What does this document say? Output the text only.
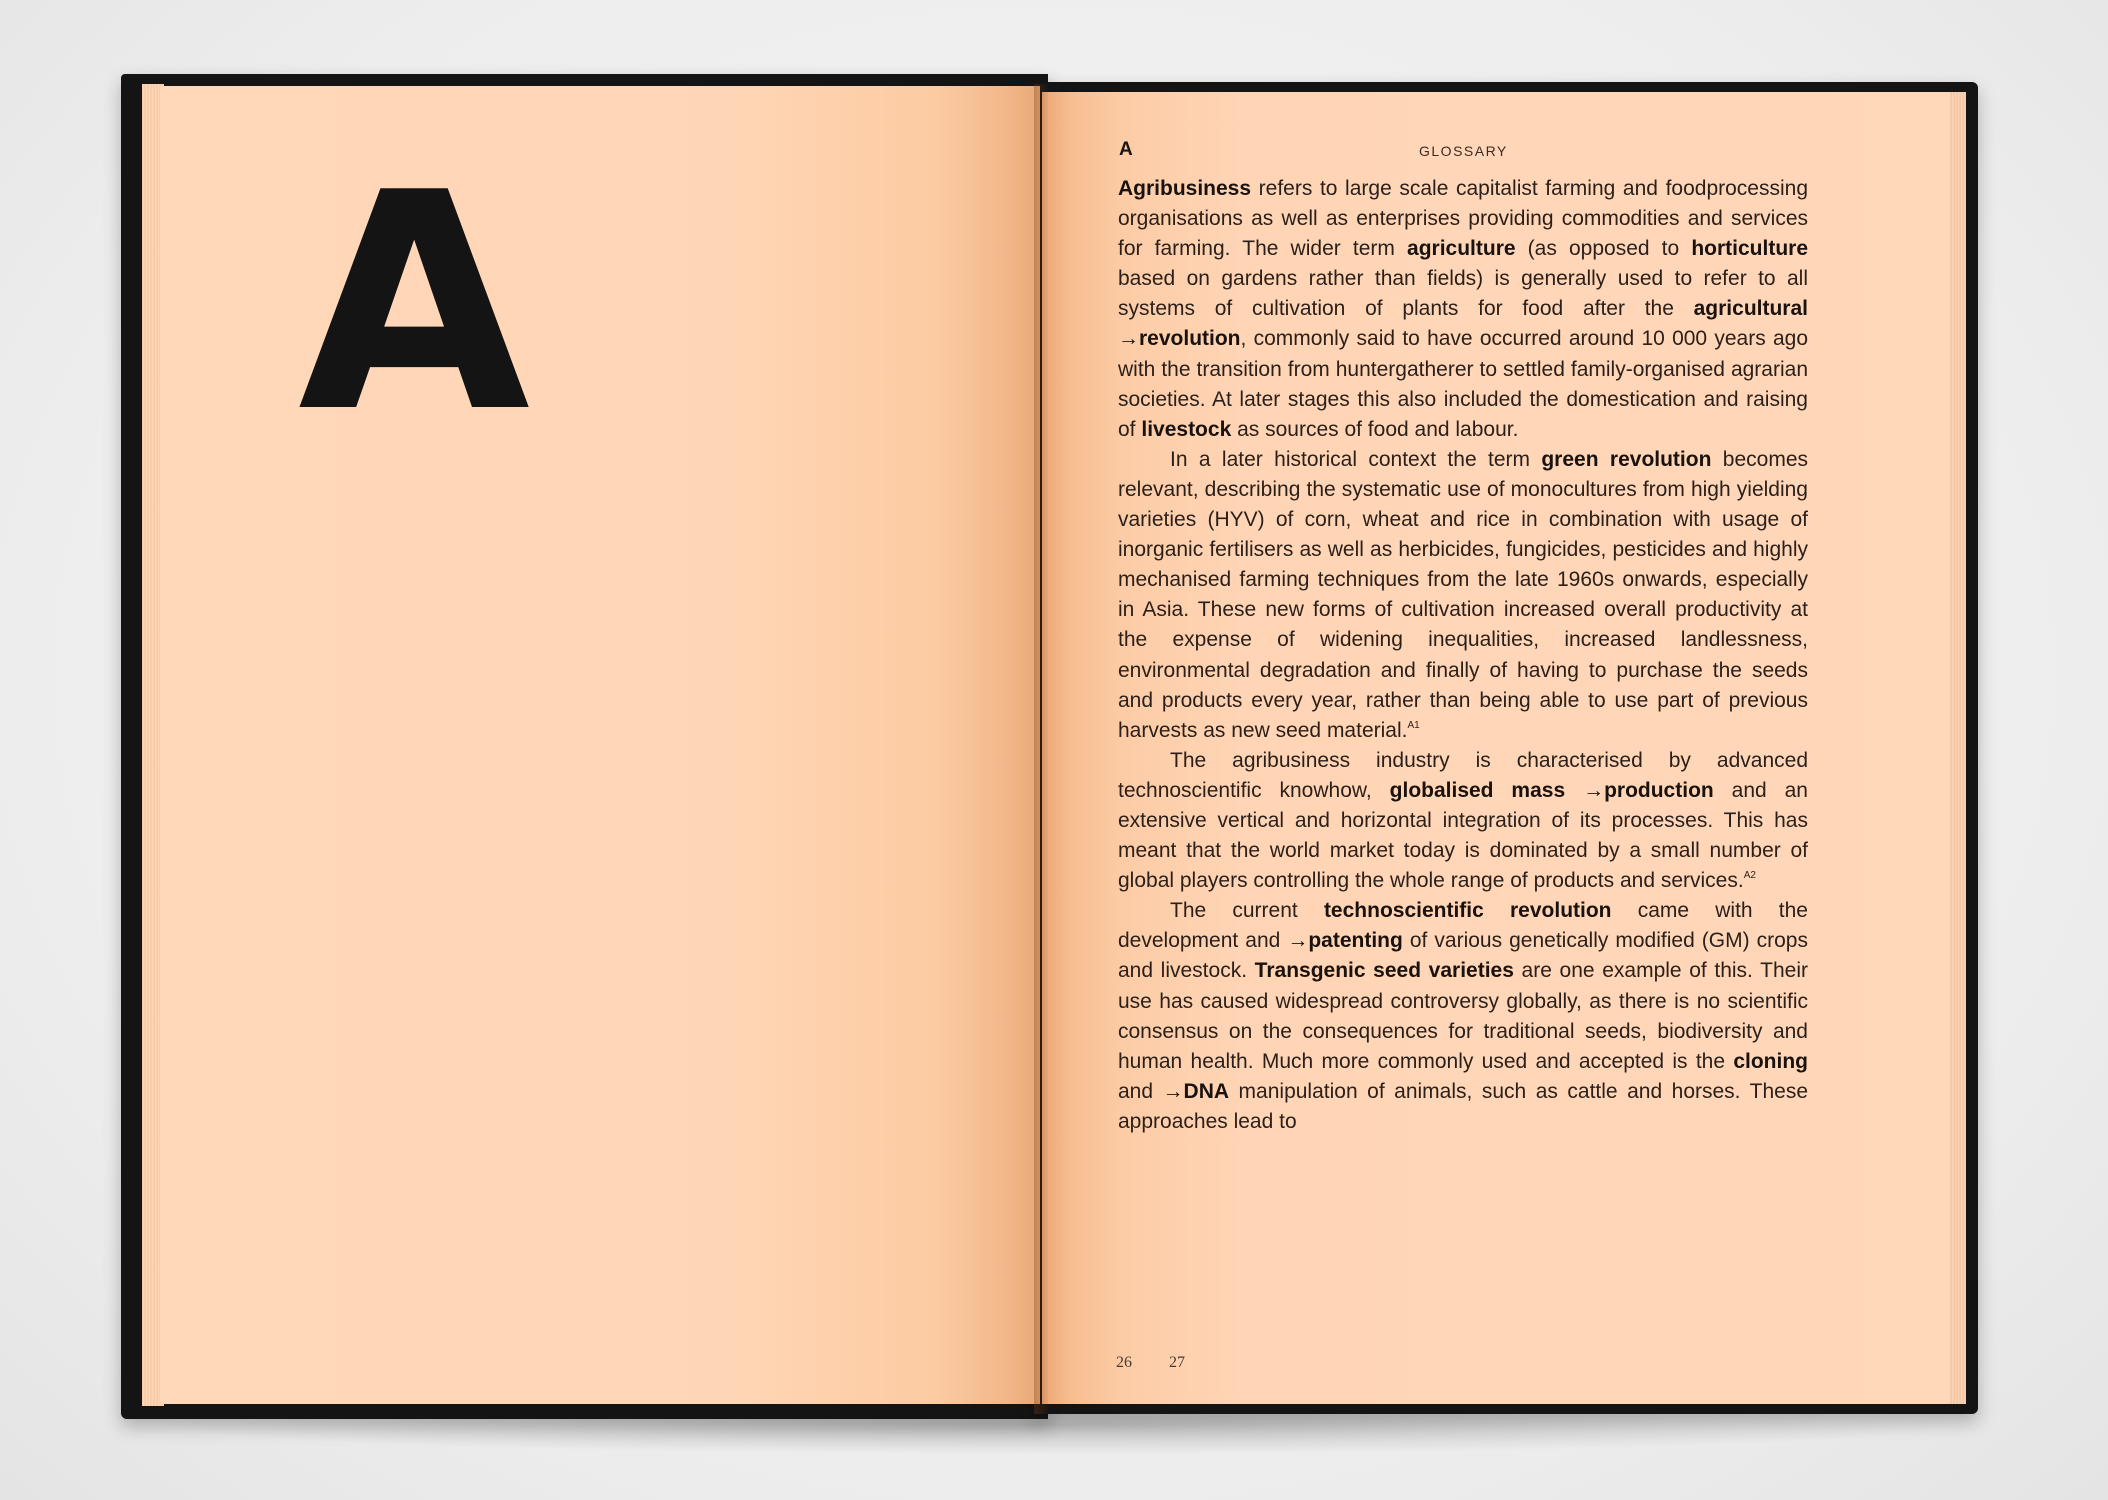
A	A	GLOSSARY

Agribusiness refers to large scale capitalist farming and foodprocessing organisations as well as enterprises providing commodities and services for farming. The wider term agriculture (as opposed to horticulture based on gardens rather than fields) is generally used to refer to all systems of cultivation of plants for food after the agricultural →revolution, commonly said to have occurred around 10 000 years ago with the transition from huntergatherer to settled family-organised agrarian societies. At later stages this also included the domestication and raising of livestock as sources of food and labour.

In a later historical context the term green revolution becomes relevant, describing the systematic use of monocultures from high yielding varieties (HYV) of corn, wheat and rice in combination with usage of inorganic fertilisers as well as herbicides, fungicides, pesticides and highly mechanised farming techniques from the late 1960s onwards, especially in Asia. These new forms of cultivation increased overall productivity at the expense of widening inequalities, increased landlessness, environmental degradation and finally of having to purchase the seeds and products every year, rather than being able to use part of previous harvests as new seed material.$^{A1}$

The agribusiness industry is characterised by advanced technoscientific knowhow, globalised mass →production and an extensive vertical and horizontal integration of its processes. This has meant that the world market today is dominated by a small number of global players controlling the whole range of products and services.$^{A2}$

The current technoscientific revolution came with the development and →patenting of various genetically modified (GM) crops and livestock. Transgenic seed varieties are one example of this. Their use has caused widespread controversy globally, as there is no scientific consensus on the consequences for traditional seeds, biodiversity and human health. Much more commonly used and accepted is the cloning and →DNA manipulation of animals, such as cattle and horses. These approaches lead to

26 27
